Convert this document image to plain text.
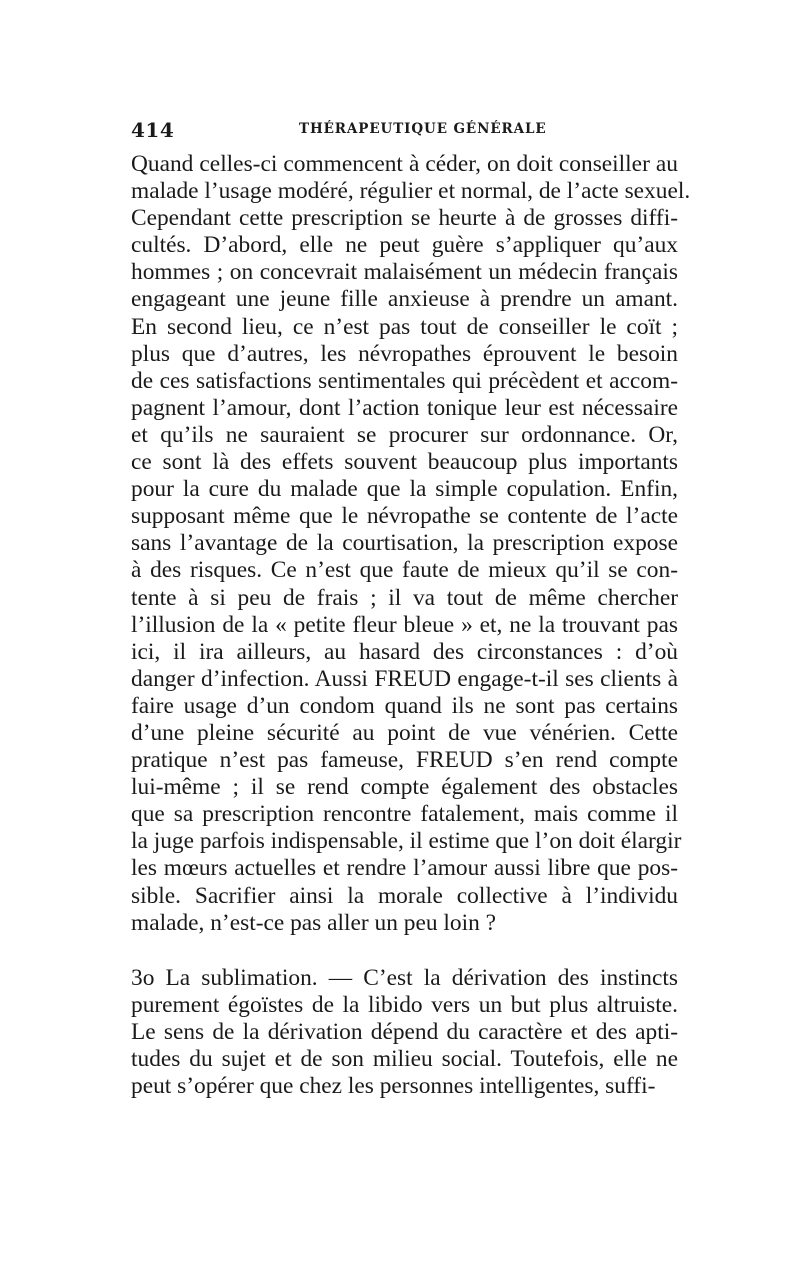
414	THÉRAPEUTIQUE GÉNÉRALE
Quand celles-ci commencent à céder, on doit conseiller au
malade l’usage modéré, régulier et normal, de l’acte sexuel.
Cependant cette prescription se heurte à de grosses diffi-
cultés. D’abord, elle ne peut guère s’appliquer qu’aux
hommes ; on concevrait malaisément un médecin français
engageant une jeune fille anxieuse à prendre un amant.
En second lieu, ce n’est pas tout de conseiller le coït ;
plus que d’autres, les névropathes éprouvent le besoin
de ces satisfactions sentimentales qui précèdent et accom-
pagnent l’amour, dont l’action tonique leur est nécessaire
et qu’ils ne sauraient se procurer sur ordonnance. Or,
ce sont là des effets souvent beaucoup plus importants
pour la cure du malade que la simple copulation. Enfin,
supposant même que le névropathe se contente de l’acte
sans l’avantage de la courtisation, la prescription expose
à des risques. Ce n’est que faute de mieux qu’il se con-
tente à si peu de frais ; il va tout de même chercher
l’illusion de la « petite fleur bleue » et, ne la trouvant pas
ici, il ira ailleurs, au hasard des circonstances : d’où
danger d’infection. Aussi FREUD engage-t-il ses clients à
faire usage d’un condom quand ils ne sont pas certains
d’une pleine sécurité au point de vue vénérien. Cette
pratique n’est pas fameuse, FREUD s’en rend compte
lui-même ; il se rend compte également des obstacles
que sa prescription rencontre fatalement, mais comme il
la juge parfois indispensable, il estime que l’on doit élargir
les mœurs actuelles et rendre l’amour aussi libre que pos-
sible. Sacrifier ainsi la morale collective à l’individu
malade, n’est-ce pas aller un peu loin ?
3o La sublimation. — C’est la dérivation des instincts
purement égoïstes de la libido vers un but plus altruiste.
Le sens de la dérivation dépend du caractère et des apti-
tudes du sujet et de son milieu social. Toutefois, elle ne
peut s’opérer que chez les personnes intelligentes, suffi-
